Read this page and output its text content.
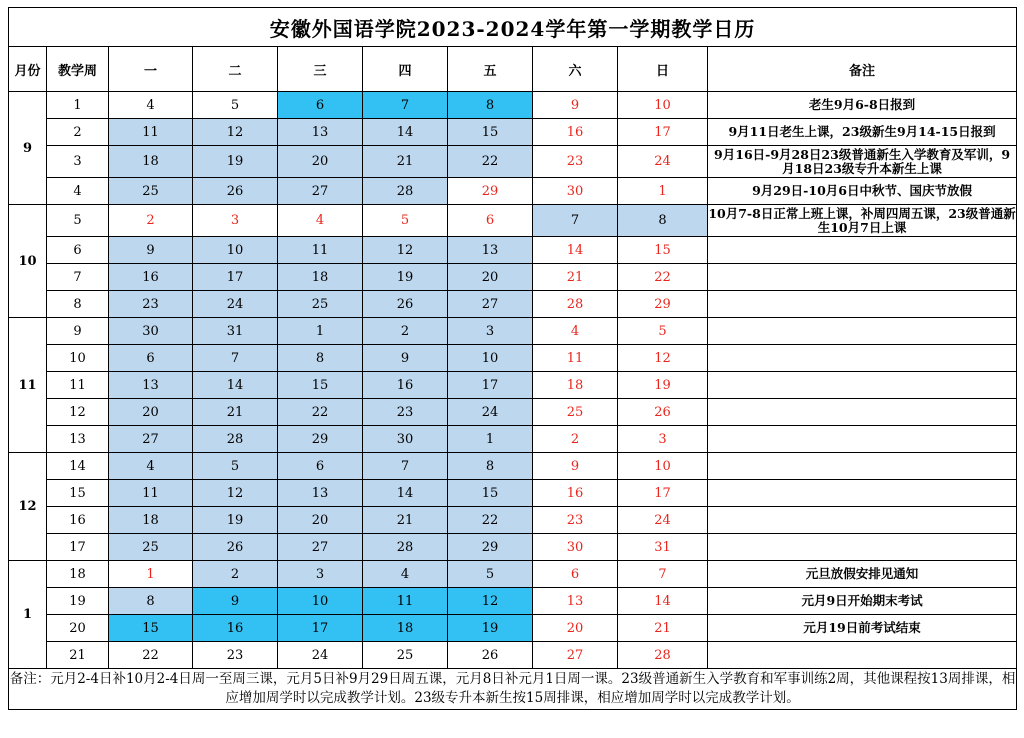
安徽外国语学院2023-2024学年第一学期教学日历									
月份	教学周	一	二	三	四	五	六	日	备注
9	1	4	5	6	7	8	9	10	老生9月6-8日报到
	2	11	12	13	14	15	16	17	9月11日老生上课，23级新生9月14-15日报到
	3	18	19	20	21	22	23	24	9月16日-9月28日23级普通新生入学教育及军训，9月18日23级专升本新生上课
	4	25	26	27	28	29	30	1	9月29日-10月6日中秋节、国庆节放假
10	5	2	3	4	5	6	7	8	10月7-8日正常上班上课，补周四周五课，23级普通新生10月7日上课
	6	9	10	11	12	13	14	15	
	7	16	17	18	19	20	21	22	
	8	23	24	25	26	27	28	29	
11	9	30	31	1	2	3	4	5	
	10	6	7	8	9	10	11	12	
	11	13	14	15	16	17	18	19	
	12	20	21	22	23	24	25	26	
	13	27	28	29	30	1	2	3	
12	14	4	5	6	7	8	9	10	
	15	11	12	13	14	15	16	17	
	16	18	19	20	21	22	23	24	
	17	25	26	27	28	29	30	31	
1	18	1	2	3	4	5	6	7	元旦放假安排见通知
	19	8	9	10	11	12	13	14	元月9日开始期末考试
	20	15	16	17	18	19	20	21	元月19日前考试结束
	21	22	23	24	25	26	27	28	
备注：元月2-4日补10月2-4日周一至周三课，元月5日补9月29日周五课，元月8日补元月1日周一课。23级普通新生入学教育和军事训练2周，其他课程按13周排课，相应增加周学时以完成教学计划。23级专升本新生按15周排课，相应增加周学时以完成教学计划。									
